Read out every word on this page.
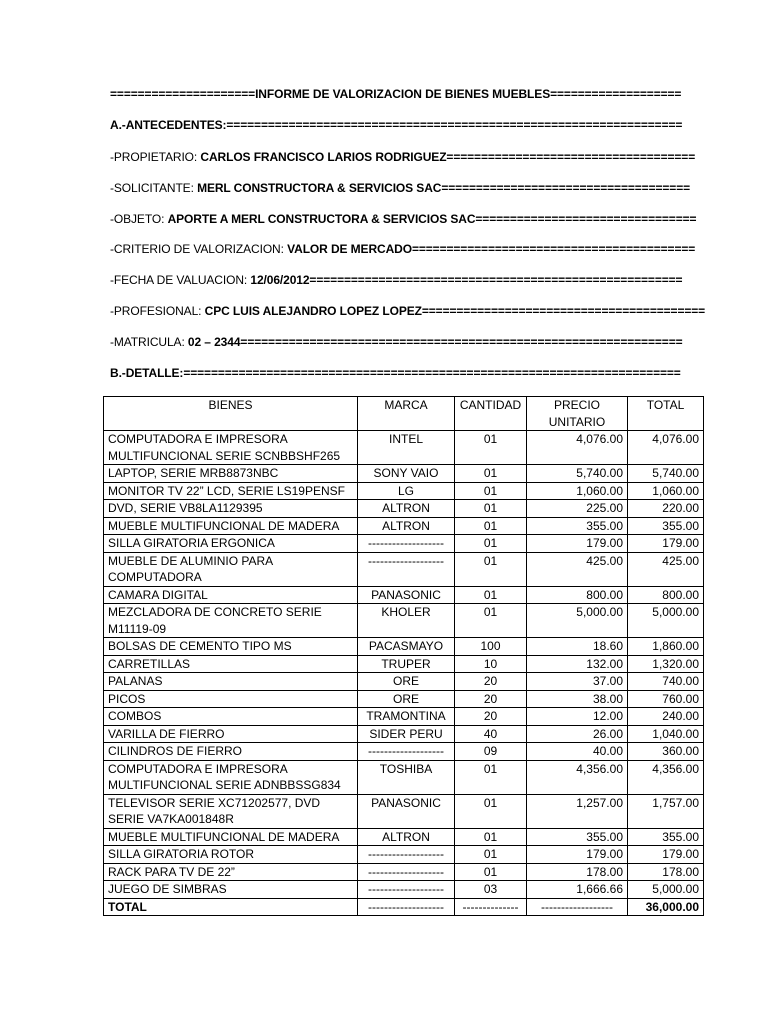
=====================INFORME DE VALORIZACION DE BIENES MUEBLES===================
A.-ANTECEDENTES:==================================================================
-PROPIETARIO: CARLOS FRANCISCO LARIOS RODRIGUEZ====================================
-SOLICITANTE: MERL CONSTRUCTORA & SERVICIOS SAC====================================
-OBJETO: APORTE A MERL CONSTRUCTORA & SERVICIOS SAC================================
-CRITERIO DE VALORIZACION: VALOR DE MERCADO=========================================
-FECHA DE VALUACION: 12/06/2012======================================================
-PROFESIONAL: CPC LUIS ALEJANDRO LOPEZ LOPEZ=========================================
-MATRICULA: 02 – 2344================================================================
B.-DETALLE:========================================================================
BIENES	MARCA	CANTIDAD	PRECIO UNITARIO	TOTAL
COMPUTADORA E IMPRESORA MULTIFUNCIONAL SERIE SCNBBSHF265	INTEL	01	4,076.00	4,076.00
LAPTOP, SERIE MRB8873NBC	SONY VAIO	01	5,740.00	5,740.00
MONITOR TV 22” LCD, SERIE LS19PENSF	LG	01	1,060.00	1,060.00
DVD, SERIE VB8LA1129395	ALTRON	01	225.00	220.00
MUEBLE MULTIFUNCIONAL DE MADERA	ALTRON	01	355.00	355.00
SILLA GIRATORIA ERGONICA	-------------------	01	179.00	179.00
MUEBLE DE ALUMINIO PARA COMPUTADORA	-------------------	01	425.00	425.00
CAMARA DIGITAL	PANASONIC	01	800.00	800.00
MEZCLADORA DE CONCRETO SERIE M11119-09	KHOLER	01	5,000.00	5,000.00
BOLSAS DE CEMENTO TIPO MS	PACASMAYO	100	18.60	1,860.00
CARRETILLAS	TRUPER	10	132.00	1,320.00
PALANAS	ORE	20	37.00	740.00
PICOS	ORE	20	38.00	760.00
COMBOS	TRAMONTINA	20	12.00	240.00
VARILLA DE FIERRO	SIDER PERU	40	26.00	1,040.00
CILINDROS DE FIERRO	-------------------	09	40.00	360.00
COMPUTADORA E IMPRESORA MULTIFUNCIONAL SERIE ADNBBSSG834	TOSHIBA	01	4,356.00	4,356.00
TELEVISOR SERIE XC71202577, DVD SERIE VA7KA001848R	PANASONIC	01	1,257.00	1,757.00
MUEBLE MULTIFUNCIONAL DE MADERA	ALTRON	01	355.00	355.00
SILLA GIRATORIA ROTOR	-------------------	01	179.00	179.00
RACK PARA TV DE 22”	-------------------	01	178.00	178.00
JUEGO DE SIMBRAS	-------------------	03	1,666.66	5,000.00
TOTAL	-------------------	--------------	------------------	36,000.00
